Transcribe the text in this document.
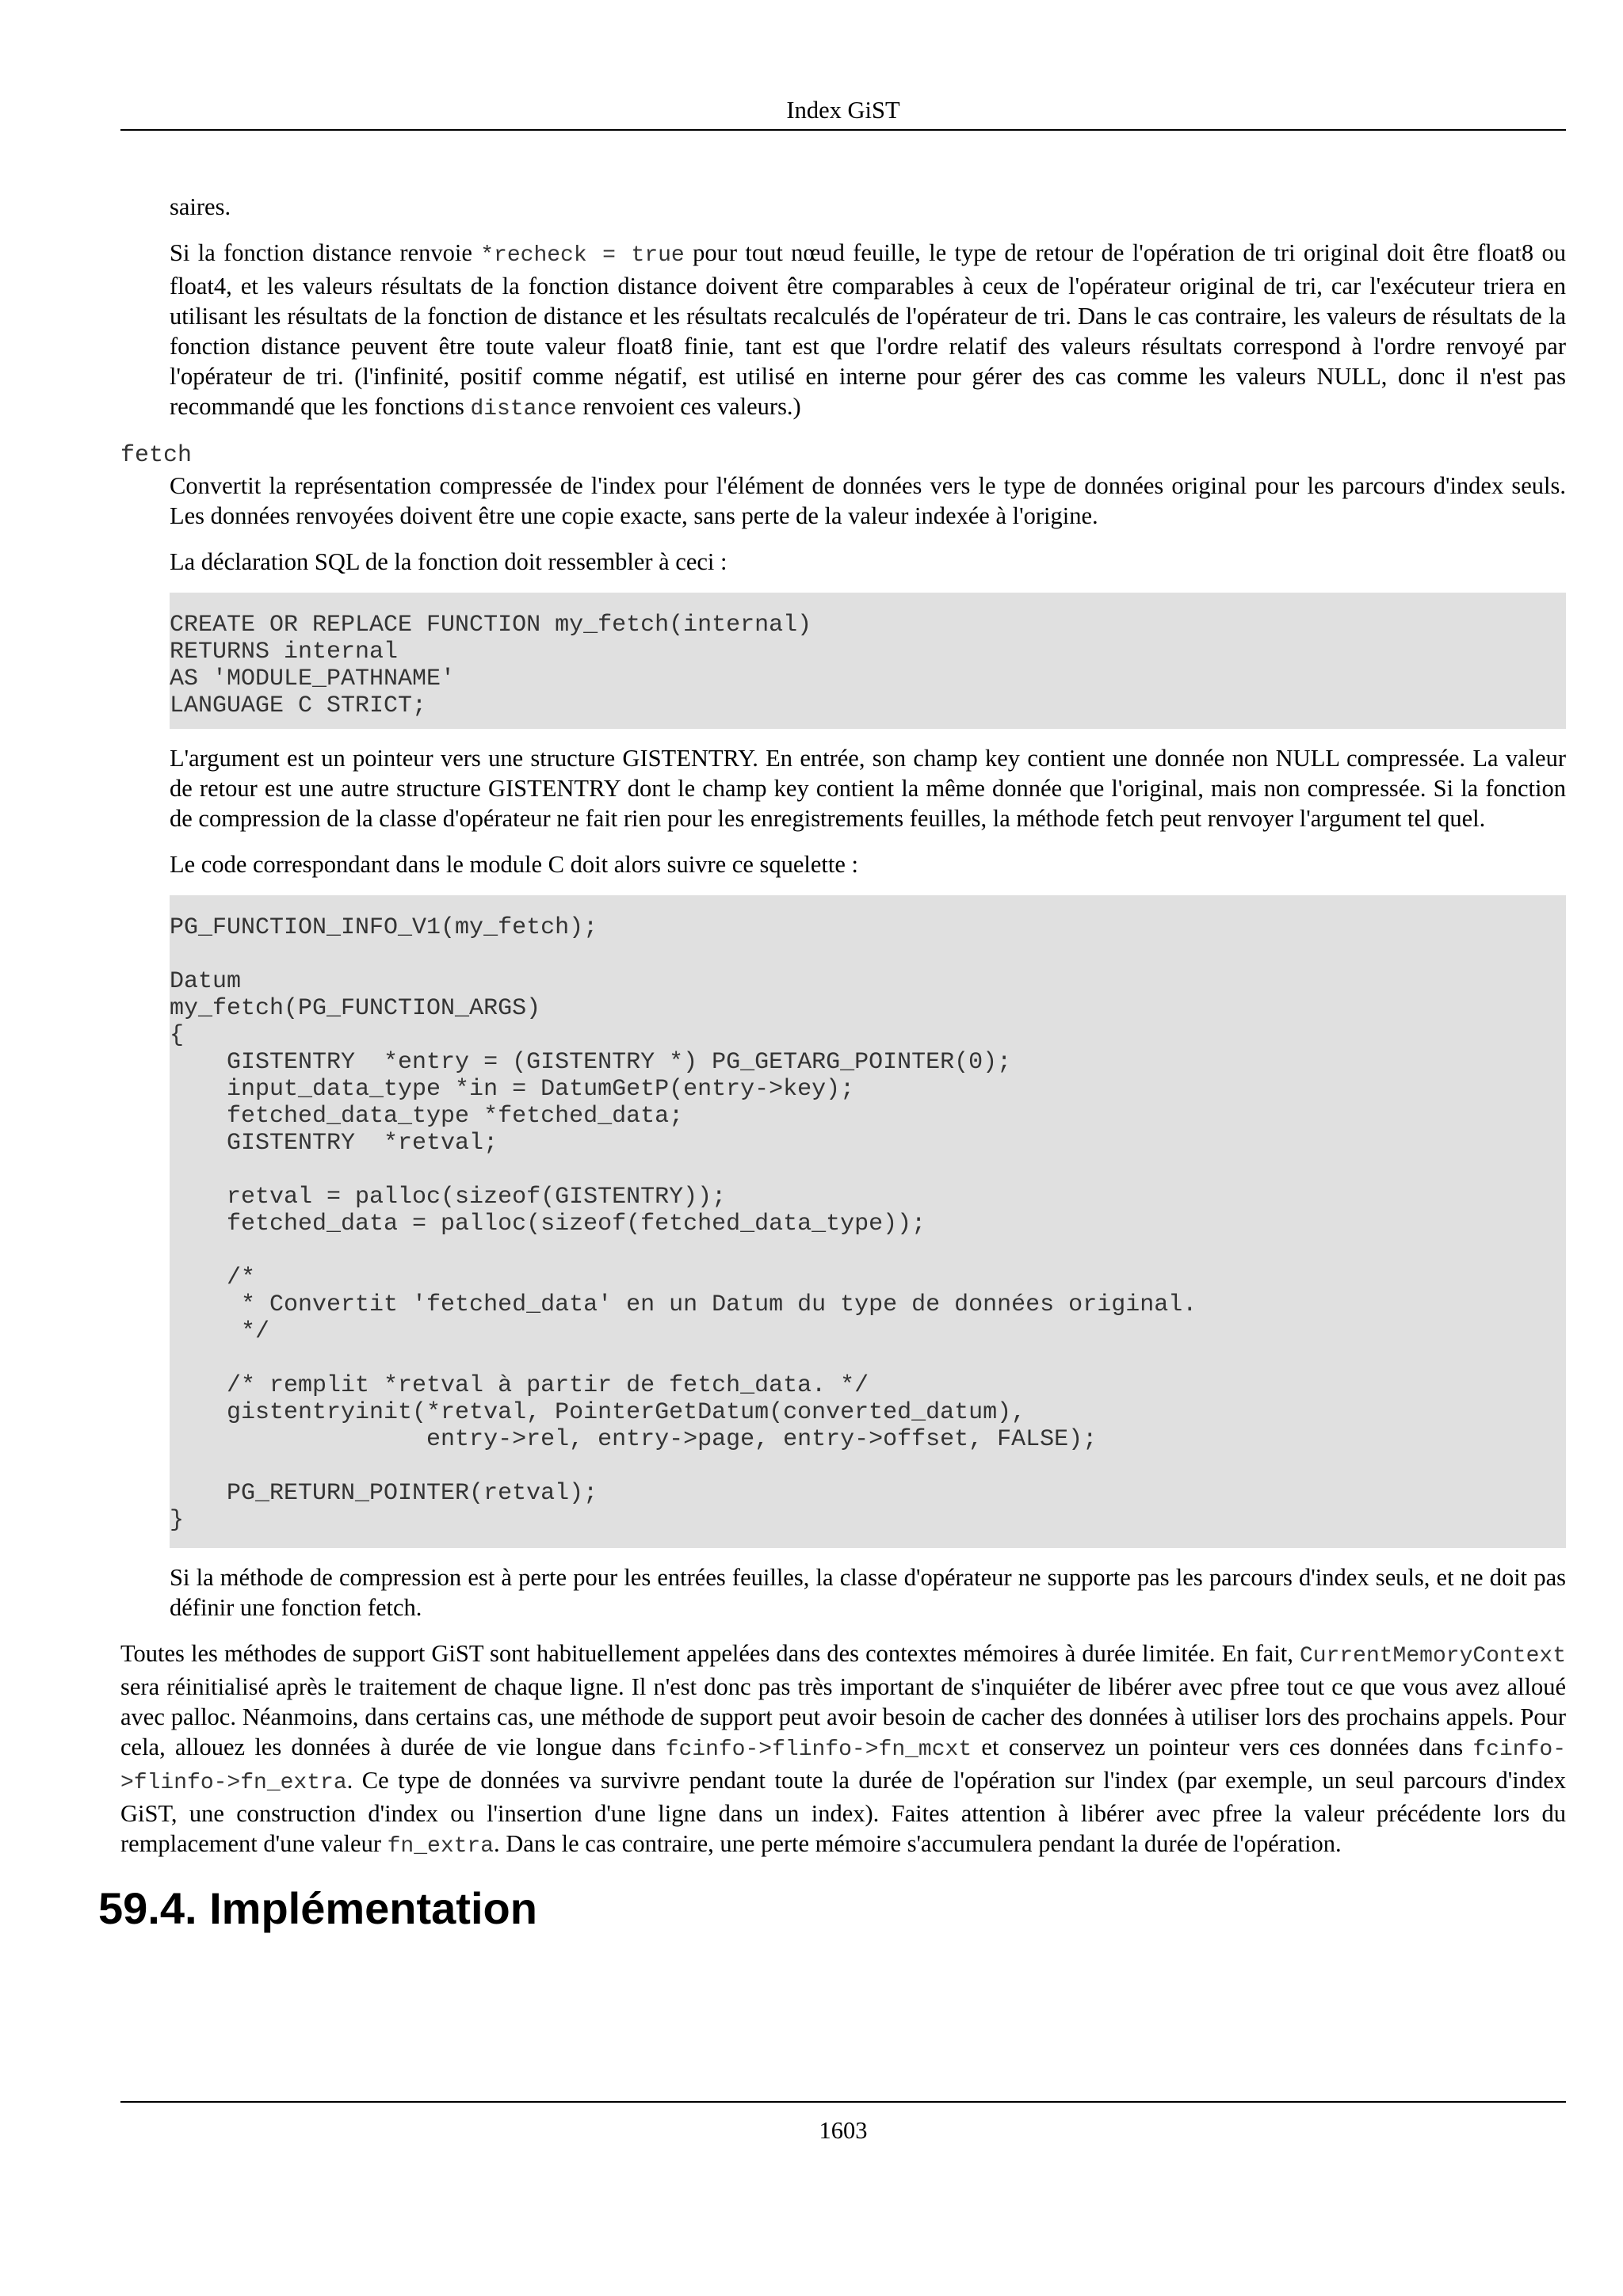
Index GiST

saires.

Si la fonction distance renvoie *recheck = true pour tout nœud feuille, le type de retour de l'opération de tri original doit être float8 ou float4, et les valeurs résultats de la fonction distance doivent être comparables à ceux de l'opérateur original de tri, car l'exécuteur triera en utilisant les résultats de la fonction de distance et les résultats recalculés de l'opérateur de tri. Dans le cas contraire, les valeurs de résultats de la fonction distance peuvent être toute valeur float8 finie, tant est que l'ordre relatif des valeurs résultats correspond à l'ordre renvoyé par l'opérateur de tri. (l'infinité, positif comme négatif, est utilisé en interne pour gérer des cas comme les valeurs NULL, donc il n'est pas recommandé que les fonctions distance renvoient ces valeurs.)

fetch

Convertit la représentation compressée de l'index pour l'élément de données vers le type de données original pour les parcours d'index seuls. Les données renvoyées doivent être une copie exacte, sans perte de la valeur indexée à l'origine.

La déclaration SQL de la fonction doit ressembler à ceci :

CREATE OR REPLACE FUNCTION my_fetch(internal)
RETURNS internal
AS 'MODULE_PATHNAME'
LANGUAGE C STRICT;

L'argument est un pointeur vers une structure GISTENTRY. En entrée, son champ key contient une donnée non NULL compressée. La valeur de retour est une autre structure GISTENTRY dont le champ key contient la même donnée que l'original, mais non compressée. Si la fonction de compression de la classe d'opérateur ne fait rien pour les enregistrements feuilles, la méthode fetch peut renvoyer l'argument tel quel.

Le code correspondant dans le module C doit alors suivre ce squelette :

PG_FUNCTION_INFO_V1(my_fetch);

Datum
my_fetch(PG_FUNCTION_ARGS)
{
GISTENTRY  *entry = (GISTENTRY *) PG_GETARG_POINTER(0);
input_data_type *in = DatumGetP(entry->key);
fetched_data_type *fetched_data;
GISTENTRY  *retval;

retval = palloc(sizeof(GISTENTRY));
fetched_data = palloc(sizeof(fetched_data_type));

/*
* Convertit 'fetched_data' en un Datum du type de données original.
*/

/* remplit *retval à partir de fetch_data. */
gistentryinit(*retval, PointerGetDatum(converted_datum),
entry->rel, entry->page, entry->offset, FALSE);

PG_RETURN_POINTER(retval);
}

Si la méthode de compression est à perte pour les entrées feuilles, la classe d'opérateur ne supporte pas les parcours d'index seuls, et ne doit pas définir une fonction fetch.

Toutes les méthodes de support GiST sont habituellement appelées dans des contextes mémoires à durée limitée. En fait, CurrentMemoryContext sera réinitialisé après le traitement de chaque ligne. Il n'est donc pas très important de s'inquiéter de libérer avec pfree tout ce que vous avez alloué avec palloc. Néanmoins, dans certains cas, une méthode de support peut avoir besoin de cacher des données à utiliser lors des prochains appels. Pour cela, allouez les données à durée de vie longue dans fcinfo->flinfo->fn_mcxt et conservez un pointeur vers ces données dans fcinfo->flinfo->fn_extra. Ce type de données va survivre pendant toute la durée de l'opération sur l'index (par exemple, un seul parcours d'index GiST, une construction d'index ou l'insertion d'une ligne dans un index). Faites attention à libérer avec pfree la valeur précédente lors du remplacement d'une valeur fn_extra. Dans le cas contraire, une perte mémoire s'accumulera pendant la durée de l'opération.

59.4. Implémentation
1603
